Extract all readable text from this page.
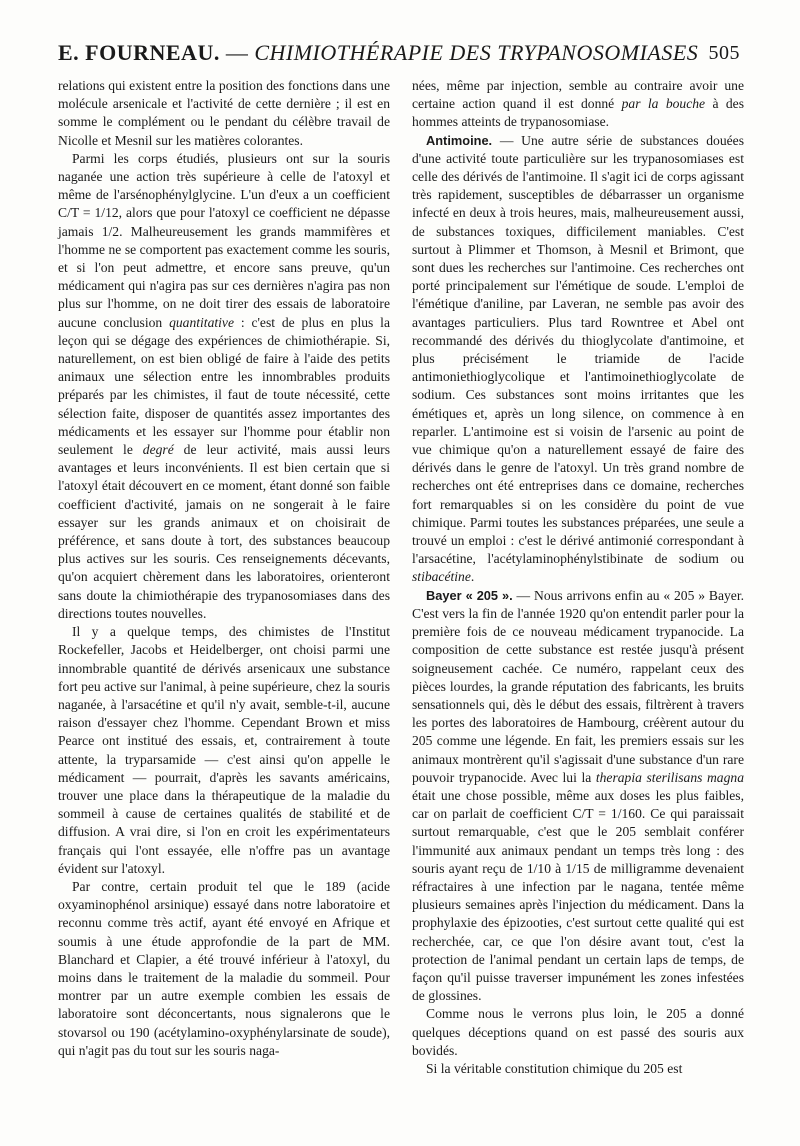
E. FOURNEAU. — CHIMIOTHÉRAPIE DES TRYPANOSOMIASES 505

relations qui existent entre la position des fonctions dans une molécule arsenicale et l'activité de cette dernière ; il est en somme le complément ou le pendant du célèbre travail de Nicolle et Mesnil sur les matières colorantes.

Parmi les corps étudiés, plusieurs ont sur la souris naganée une action très supérieure à celle de l'atoxyl et même de l'arsénophénylglycine. L'un d'eux a un coefficient C/T = 1/12, alors que pour l'atoxyl ce coefficient ne dépasse jamais 1/2. Malheureusement les grands mammifères et l'homme ne se comportent pas exactement comme les souris, et si l'on peut admettre, et encore sans preuve, qu'un médicament qui n'agira pas sur ces dernières n'agira pas non plus sur l'homme, on ne doit tirer des essais de laboratoire aucune conclusion quantitative : c'est de plus en plus la leçon qui se dégage des expériences de chimiothérapie. Si, naturellement, on est bien obligé de faire à l'aide des petits animaux une sélection entre les innombrables produits préparés par les chimistes, il faut de toute nécessité, cette sélection faite, disposer de quantités assez importantes des médicaments et les essayer sur l'homme pour établir non seulement le degré de leur activité, mais aussi leurs avantages et leurs inconvénients. Il est bien certain que si l'atoxyl était découvert en ce moment, étant donné son faible coefficient d'activité, jamais on ne songerait à le faire essayer sur les grands animaux et on choisirait de préférence, et sans doute à tort, des substances beaucoup plus actives sur les souris. Ces renseignements décevants, qu'on acquiert chèrement dans les laboratoires, orienteront sans doute la chimiothérapie des trypanosomiases dans des directions toutes nouvelles.

Il y a quelque temps, des chimistes de l'Institut Rockefeller, Jacobs et Heidelberger, ont choisi parmi une innombrable quantité de dérivés arsenicaux une substance fort peu active sur l'animal, à peine supérieure, chez la souris naganée, à l'arsacétine et qu'il n'y avait, semble-t-il, aucune raison d'essayer chez l'homme. Cependant Brown et miss Pearce ont institué des essais, et, contrairement à toute attente, la tryparsamide — c'est ainsi qu'on appelle le médicament — pourrait, d'après les savants américains, trouver une place dans la thérapeutique de la maladie du sommeil à cause de certaines qualités de stabilité et de diffusion. A vrai dire, si l'on en croit les expérimentateurs français qui l'ont essayée, elle n'offre pas un avantage évident sur l'atoxyl.

Par contre, certain produit tel que le 189 (acide oxyaminophénol arsinique) essayé dans notre laboratoire et reconnu comme très actif, ayant été envoyé en Afrique et soumis à une étude approfondie de la part de MM. Blanchard et Clapier, a été trouvé inférieur à l'atoxyl, du moins dans le traitement de la maladie du sommeil. Pour montrer par un autre exemple combien les essais de laboratoire sont déconcertants, nous signalerons que le stovarsol ou 190 (acétylamino-oxyphénylarsinate de soude), qui n'agit pas du tout sur les souris naga-

nées, même par injection, semble au contraire avoir une certaine action quand il est donné par la bouche à des hommes atteints de trypanosomiase.

Antimoine. — Une autre série de substances douées d'une activité toute particulière sur les trypanosomiases est celle des dérivés de l'antimoine. Il s'agit ici de corps agissant très rapidement, susceptibles de débarrasser un organisme infecté en deux à trois heures, mais, malheureusement aussi, de substances toxiques, difficilement maniables. C'est surtout à Plimmer et Thomson, à Mesnil et Brimont, que sont dues les recherches sur l'antimoine. Ces recherches ont porté principalement sur l'émétique de soude. L'emploi de l'émétique d'aniline, par Laveran, ne semble pas avoir des avantages particuliers. Plus tard Rowntree et Abel ont recommandé des dérivés du thioglycolate d'antimoine, et plus précisément le triamide de l'acide antimoniethioglycolique et l'antimoinethioglycolate de sodium. Ces substances sont moins irritantes que les émétiques et, après un long silence, on commence à en reparler. L'antimoine est si voisin de l'arsenic au point de vue chimique qu'on a naturellement essayé de faire des dérivés dans le genre de l'atoxyl. Un très grand nombre de recherches ont été entreprises dans ce domaine, recherches fort remarquables si on les considère du point de vue chimique. Parmi toutes les substances préparées, une seule a trouvé un emploi : c'est le dérivé antimonié correspondant à l'arsacétine, l'acétylaminophénylstibinate de sodium ou stibacétine.

Bayer « 205 ». — Nous arrivons enfin au « 205 » Bayer. C'est vers la fin de l'année 1920 qu'on entendit parler pour la première fois de ce nouveau médicament trypanocide. La composition de cette substance est restée jusqu'à présent soigneusement cachée. Ce numéro, rappelant ceux des pièces lourdes, la grande réputation des fabricants, les bruits sensationnels qui, dès le début des essais, filtrèrent à travers les portes des laboratoires de Hambourg, créèrent autour du 205 comme une légende. En fait, les premiers essais sur les animaux montrèrent qu'il s'agissait d'une substance d'un rare pouvoir trypanocide. Avec lui la therapia sterilisans magna était une chose possible, même aux doses les plus faibles, car on parlait de coefficient C/T = 1/160. Ce qui paraissait surtout remarquable, c'est que le 205 semblait conférer l'immunité aux animaux pendant un temps très long : des souris ayant reçu de 1/10 à 1/15 de milligramme devenaient réfractaires à une infection par le nagana, tentée même plusieurs semaines après l'injection du médicament. Dans la prophylaxie des épizooties, c'est surtout cette qualité qui est recherchée, car, ce que l'on désire avant tout, c'est la protection de l'animal pendant un certain laps de temps, de façon qu'il puisse traverser impunément les zones infestées de glossines.

Comme nous le verrons plus loin, le 205 a donné quelques déceptions quand on est passé des souris aux bovidés.

Si la véritable constitution chimique du 205 est
